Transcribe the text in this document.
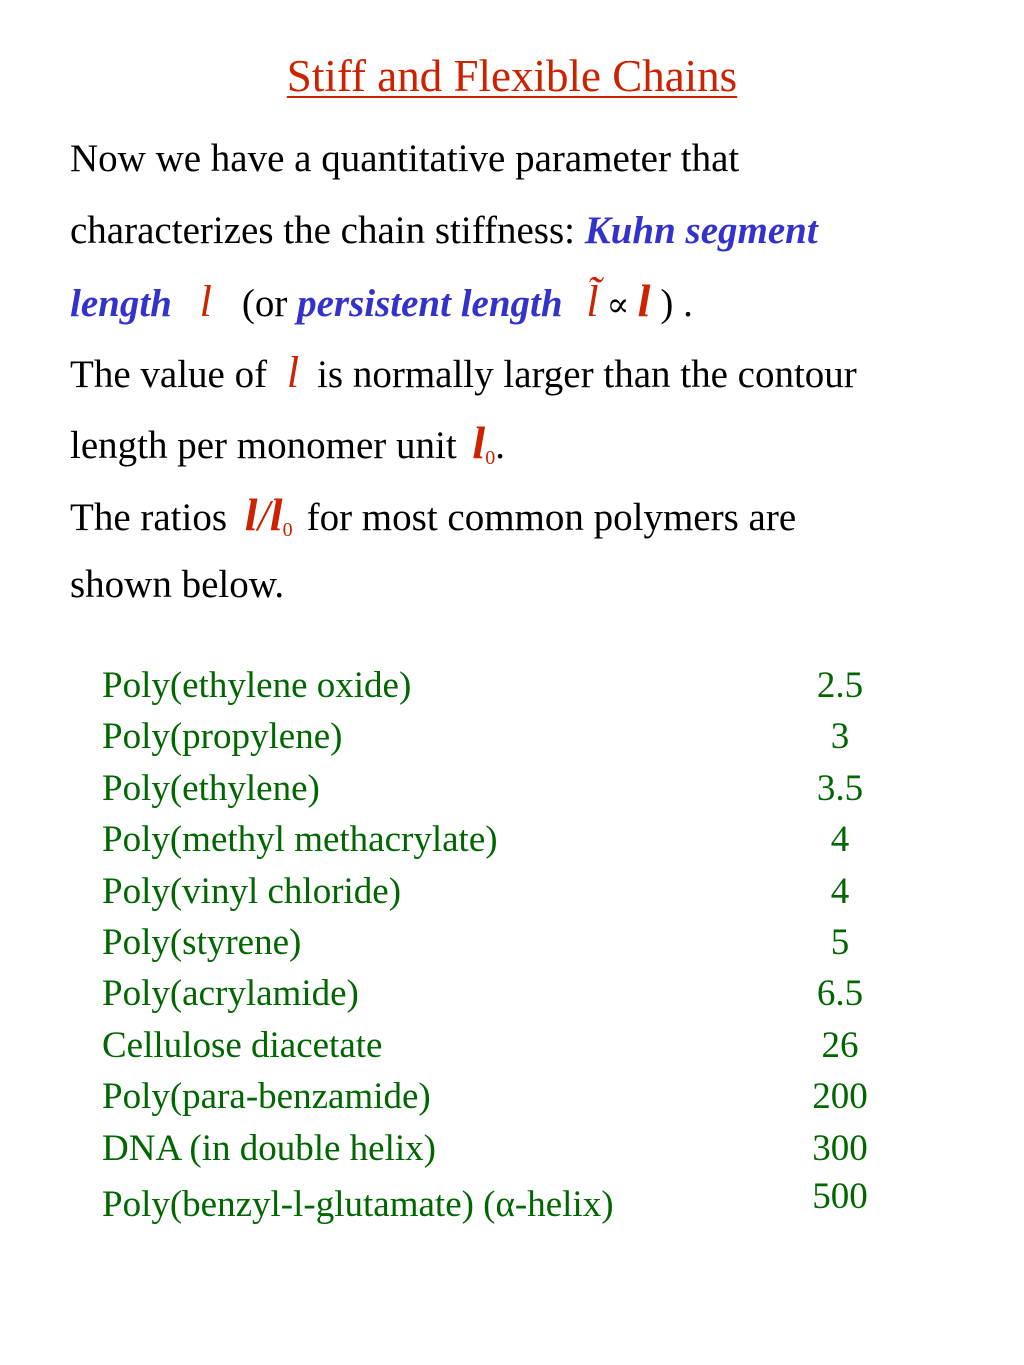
Stiff and Flexible Chains
Now we have a quantitative parameter that
characterizes the chain stiffness: Kuhn segment
length l (or persistent length l̃ ∝ l ) .
The value of l is normally larger than the contour
length per monomer unit $l_0$.
The ratios $l/l_0$ for most common polymers are
shown below.
Poly(ethylene oxide)	2.5
Poly(propylene)	3
Poly(ethylene)	3.5
Poly(methyl methacrylate)	4
Poly(vinyl chloride)	4
Poly(styrene)	5
Poly(acrylamide)	6.5
Cellulose diacetate	26
Poly(para-benzamide)	200
DNA (in double helix)	300
Poly(benzyl-l-glutamate) (α-helix)	500
